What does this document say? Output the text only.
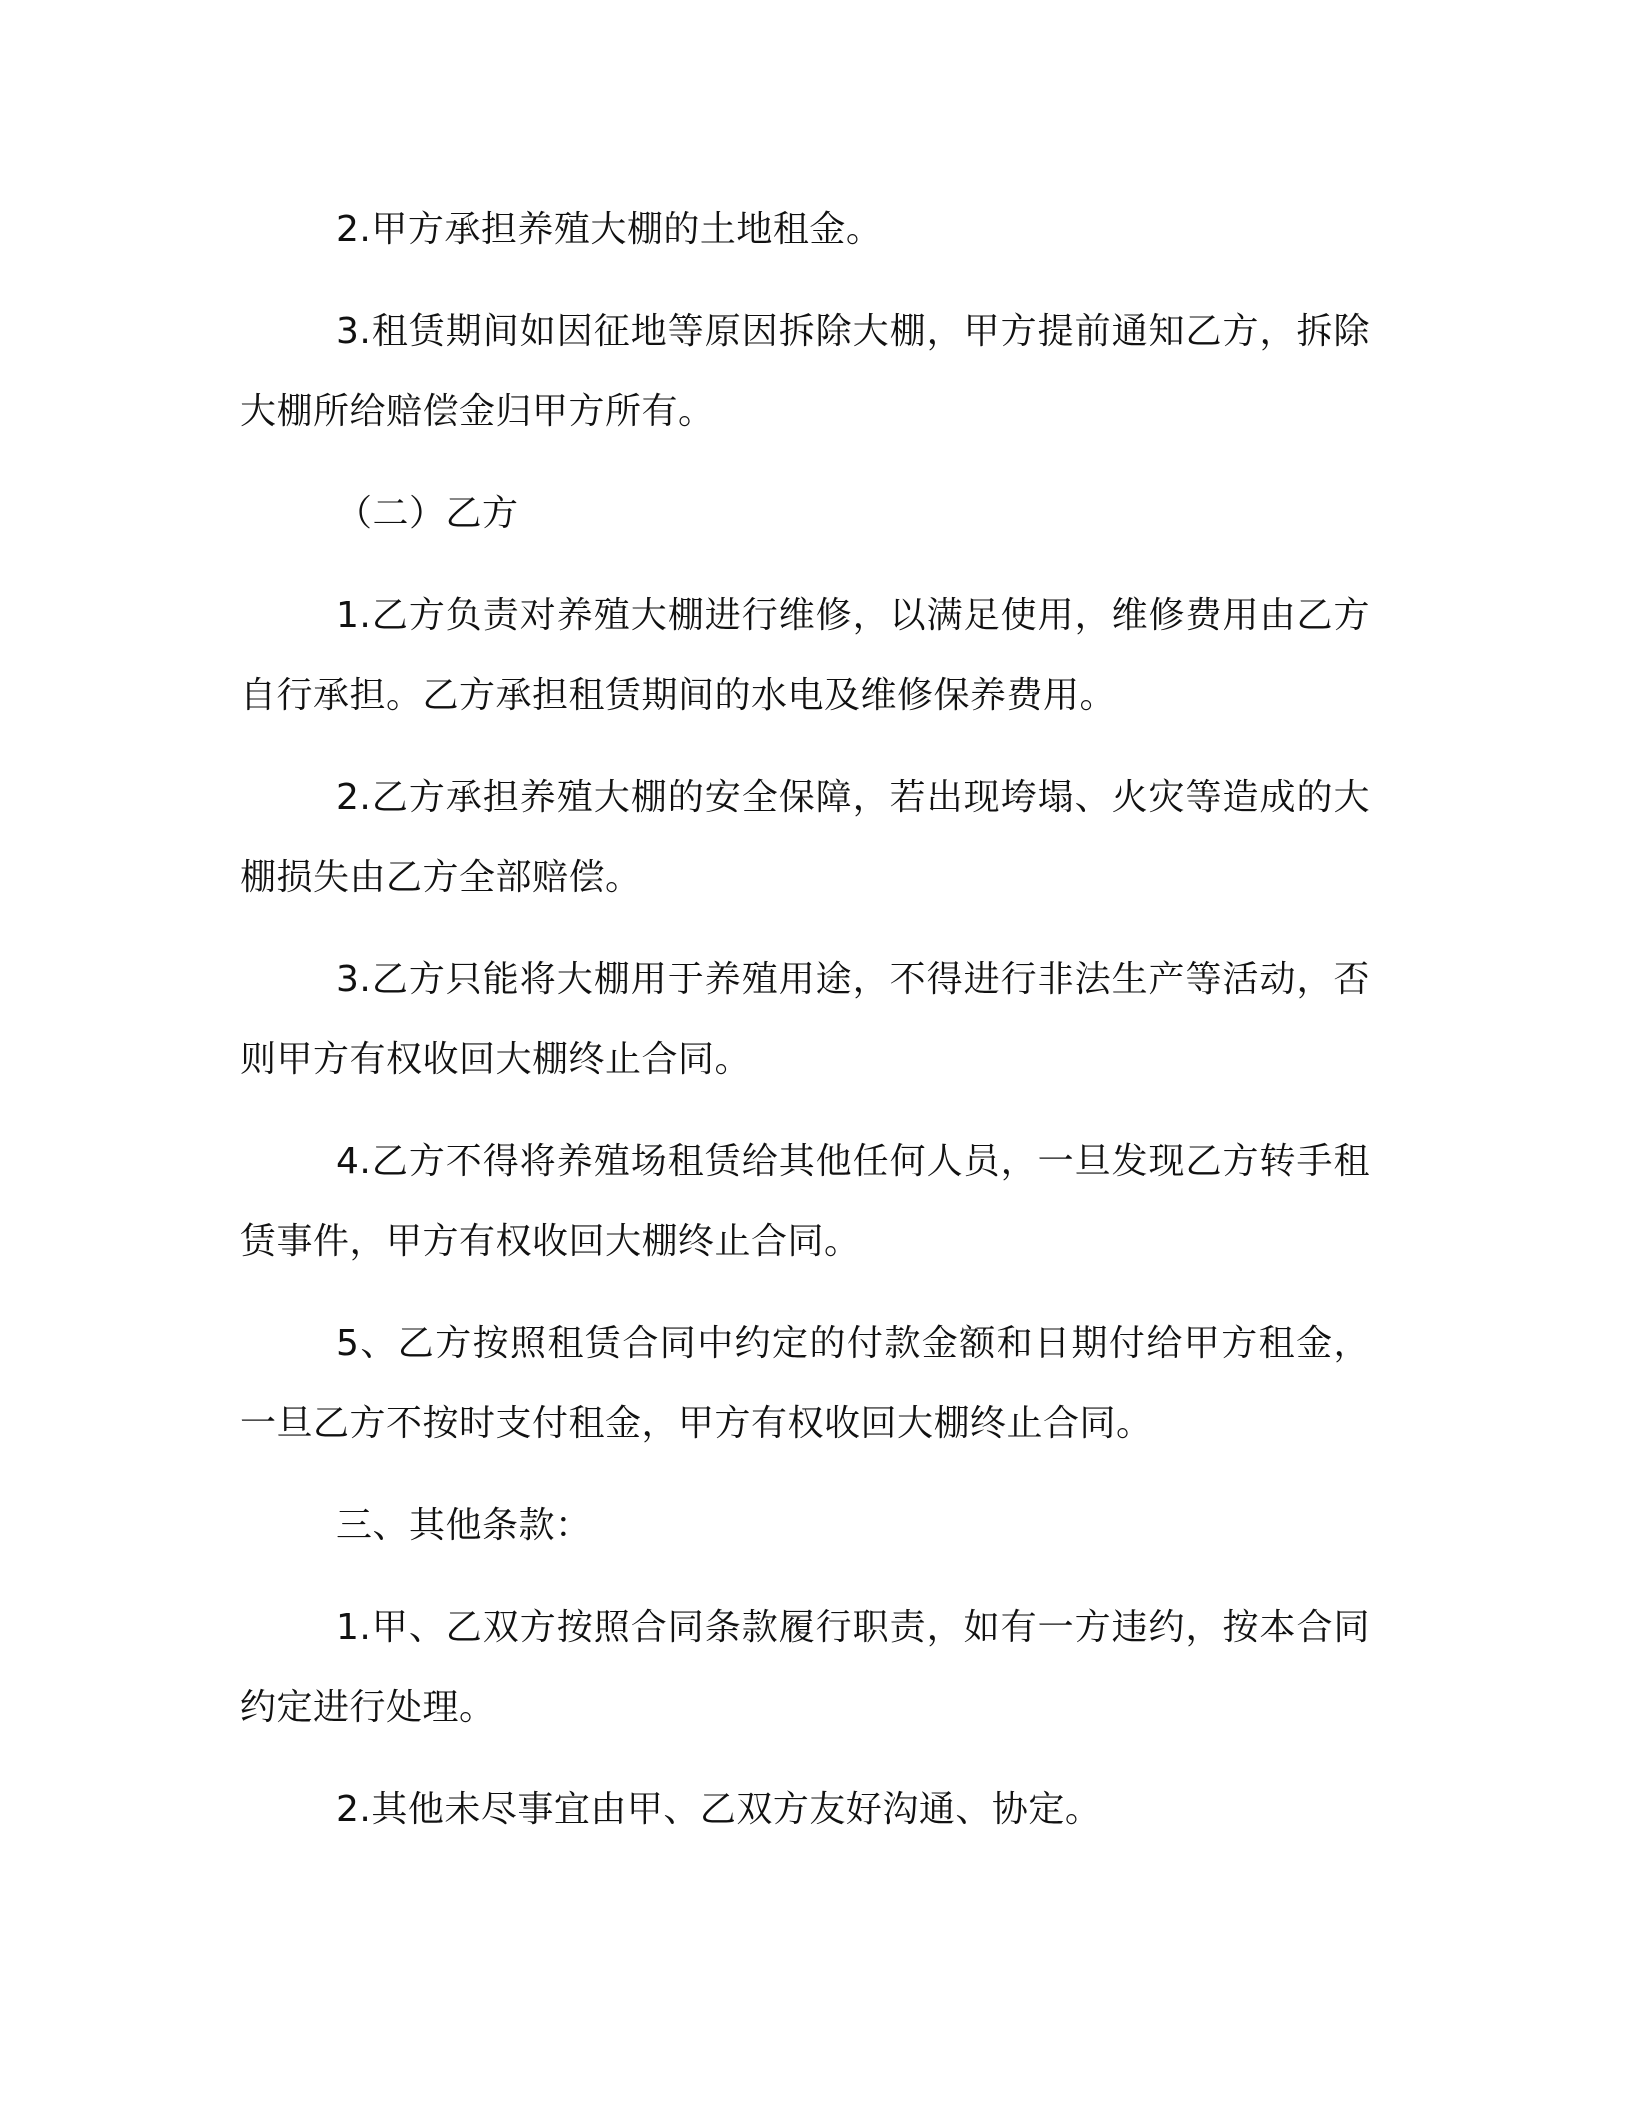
2.甲方承担养殖大棚的土地租金。

3.租赁期间如因征地等原因拆除大棚，甲方提前通知乙方，拆除大棚所给赔偿金归甲方所有。

（二）乙方

1.乙方负责对养殖大棚进行维修，以满足使用，维修费用由乙方自行承担。乙方承担租赁期间的水电及维修保养费用。

2.乙方承担养殖大棚的安全保障，若出现垮塌、火灾等造成的大棚损失由乙方全部赔偿。

3.乙方只能将大棚用于养殖用途，不得进行非法生产等活动，否则甲方有权收回大棚终止合同。

4.乙方不得将养殖场租赁给其他任何人员，一旦发现乙方转手租赁事件，甲方有权收回大棚终止合同。

5、乙方按照租赁合同中约定的付款金额和日期付给甲方租金，一旦乙方不按时支付租金，甲方有权收回大棚终止合同。

三、其他条款：

1.甲、乙双方按照合同条款履行职责，如有一方违约，按本合同约定进行处理。

2.其他未尽事宜由甲、乙双方友好沟通、协定。
